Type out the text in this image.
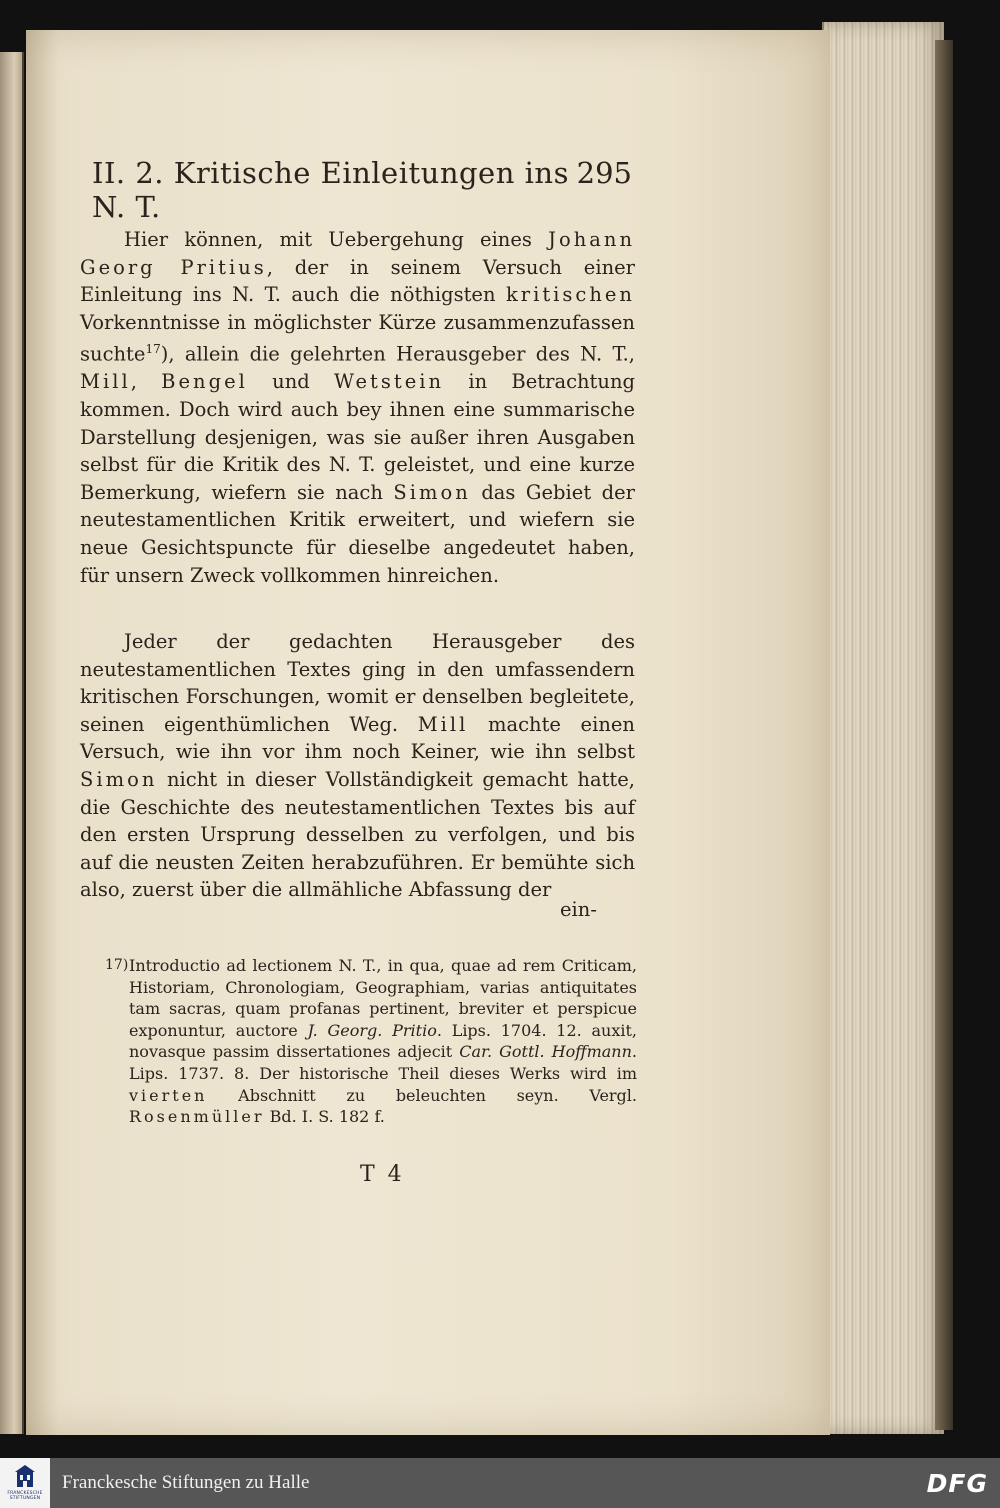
II. 2. Kritische Einleitungen ins N. T.
295
Hier können, mit Uebergehung eines Johann Georg Pritius, der in seinem Versuch einer Einleitung ins N. T. auch die nöthigsten kritischen Vorkenntnisse in möglichster Kürze zusammenzufassen suchte$^{17}$), allein die gelehrten Herausgeber des N. T., Mill, Bengel und Wetstein in Betrachtung kommen. Doch wird auch bey ihnen eine summarische Darstellung desjenigen, was sie außer ihren Ausgaben selbst für die Kritik des N. T. geleistet, und eine kurze Bemerkung, wiefern sie nach Simon das Gebiet der neutestamentlichen Kritik erweitert, und wiefern sie neue Gesichtspuncte für dieselbe angedeutet haben, für unsern Zweck vollkommen hinreichen.
Jeder der gedachten Herausgeber des neutestamentlichen Textes ging in den umfassendern kritischen Forschungen, womit er denselben begleitete, seinen eigenthümlichen Weg. Mill machte einen Versuch, wie ihn vor ihm noch Keiner, wie ihn selbst Simon nicht in dieser Vollständigkeit gemacht hatte, die Geschichte des neutestamentlichen Textes bis auf den ersten Ursprung desselben zu verfolgen, und bis auf die neusten Zeiten herabzuführen. Er bemühte sich also, zuerst über die allmähliche Abfassung der
ein-
17) Introductio ad lectionem N. T., in qua, quae ad rem Criticam, Historiam, Chronologiam, Geographiam, varias antiquitates tam sacras, quam profanas pertinent, breviter et perspicue exponuntur, auctore J. Georg. Pritio. Lips. 1704. 12. auxit, novasque passim dissertationes adjecit Car. Gottl. Hoffmann. Lips. 1737. 8. Der historische Theil dieses Werks wird im vierten Abschnitt zu beleuchten seyn. Vergl. Rosenmüller Bd. I. S. 182 f.
T 4
FRANCKESCHE
STIFTUNGEN
Franckesche Stiftungen zu Halle	DFG
